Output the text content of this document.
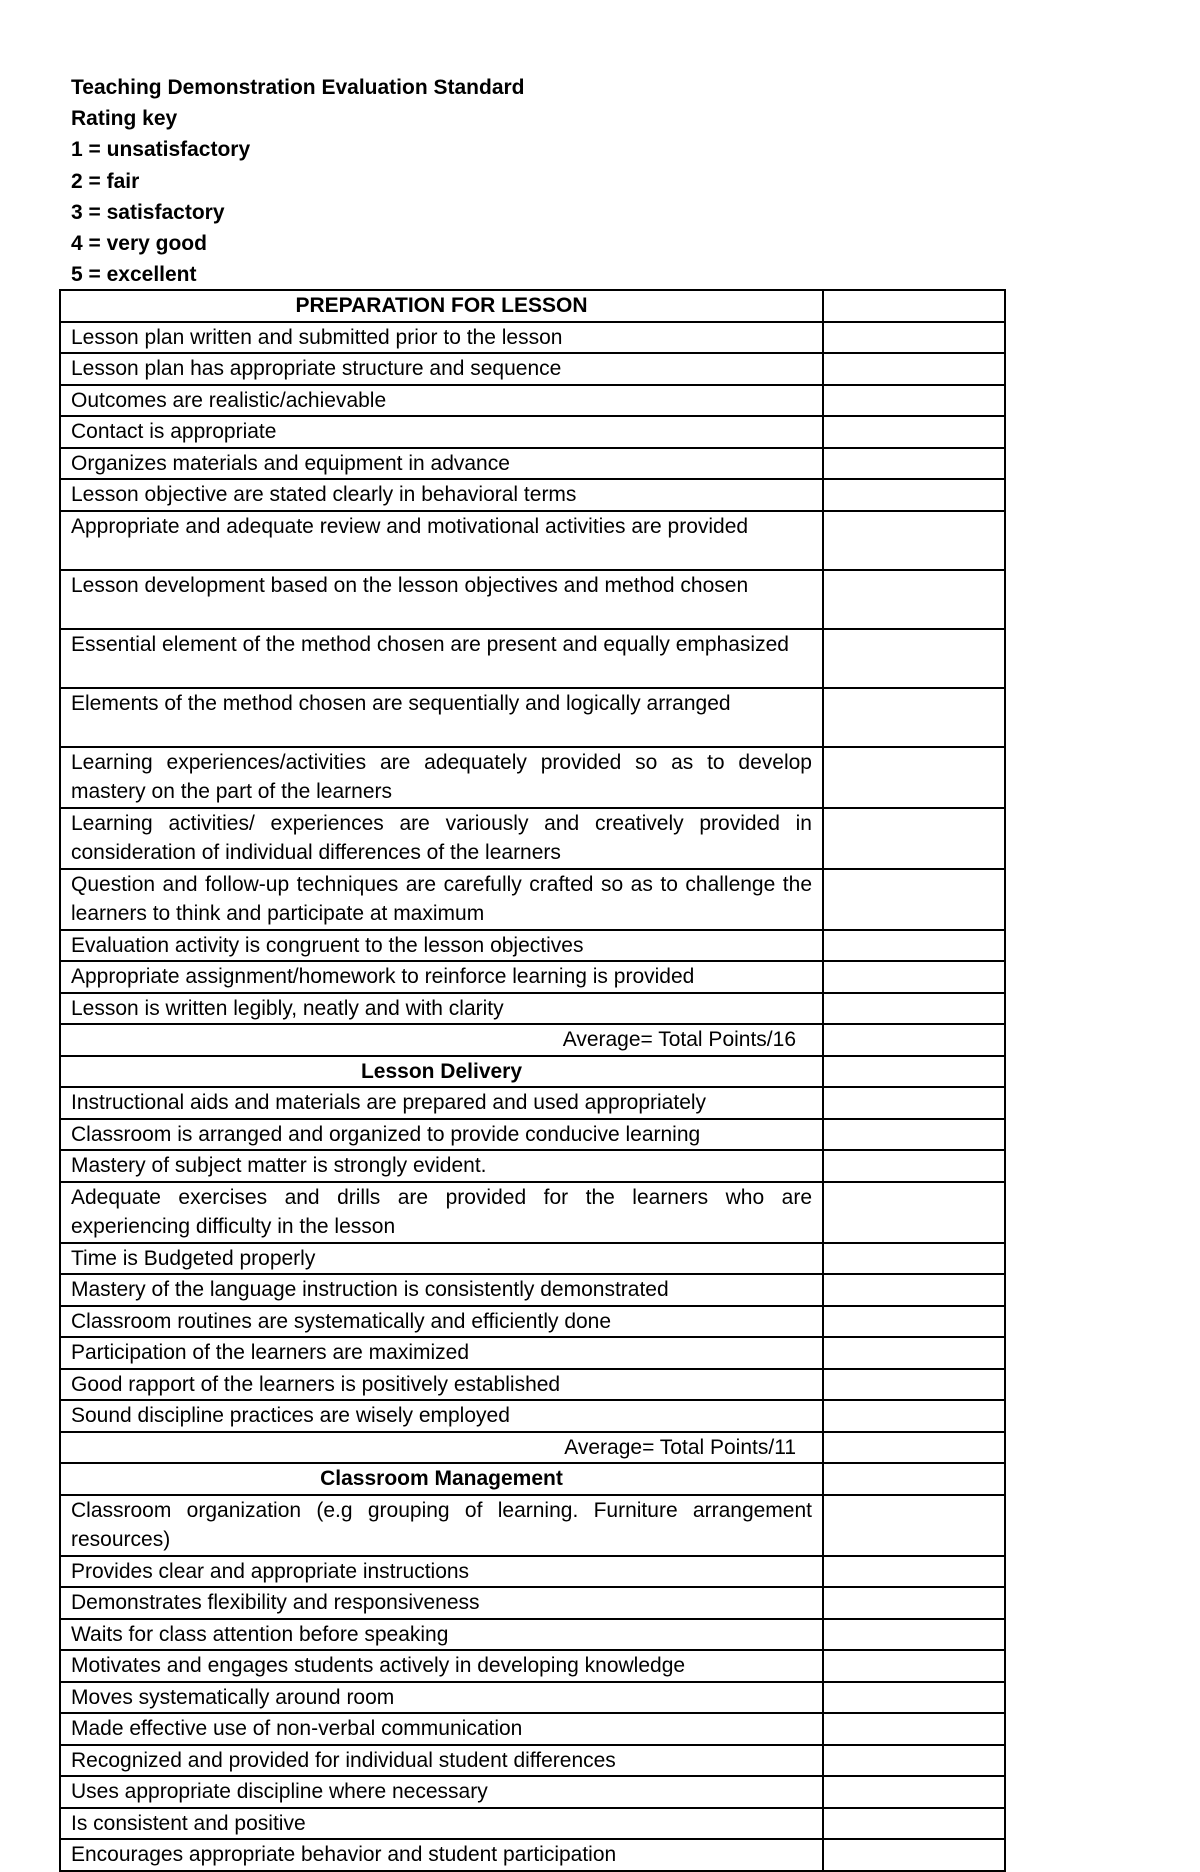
Teaching Demonstration Evaluation Standard
Rating key
1 = unsatisfactory
2 = fair
3 = satisfactory
4 = very good
5 = excellent
PREPARATION FOR LESSON	
Lesson plan written and submitted prior to the lesson	
Lesson plan has appropriate structure and sequence	
Outcomes are realistic/achievable	
Contact is appropriate	
Organizes materials and equipment in advance	
Lesson objective are stated clearly in behavioral terms	
Appropriate and adequate review and motivational activities are provided	
Lesson development based on the lesson objectives and method chosen	
Essential element of the method chosen are present and equally emphasized	
Elements of the method chosen are sequentially and logically arranged	
Learning experiences/activities are adequately provided so as to develop mastery on the part of the learners	
Learning activities/ experiences are variously and creatively provided in consideration of individual differences of the learners	
Question and follow-up techniques are carefully crafted so as to challenge the learners to think and participate at maximum	
Evaluation activity is congruent to the lesson objectives	
Appropriate assignment/homework to reinforce learning is provided	
Lesson is written legibly, neatly and with clarity	
Average= Total Points/16	
Lesson Delivery	
Instructional aids and materials are prepared and used appropriately	
Classroom is arranged and organized to provide conducive learning	
Mastery of subject matter is strongly evident.	
Adequate exercises and drills are provided for the learners who are experiencing difficulty in the lesson	
Time is Budgeted properly	
Mastery of the language instruction is consistently demonstrated	
Classroom routines are systematically and efficiently done	
Participation of the learners are maximized	
Good rapport of the learners is positively established	
Sound discipline practices are wisely employed	
Average= Total Points/11	
Classroom Management	
Classroom organization (e.g grouping of learning. Furniture arrangement resources)	
Provides clear and appropriate instructions	
Demonstrates flexibility and responsiveness	
Waits for class attention before speaking	
Motivates and engages students actively in developing knowledge	
Moves systematically around room	
Made effective use of non-verbal communication	
Recognized and provided for individual student differences	
Uses appropriate discipline where necessary	
Is consistent and positive	
Encourages appropriate behavior and student participation	
